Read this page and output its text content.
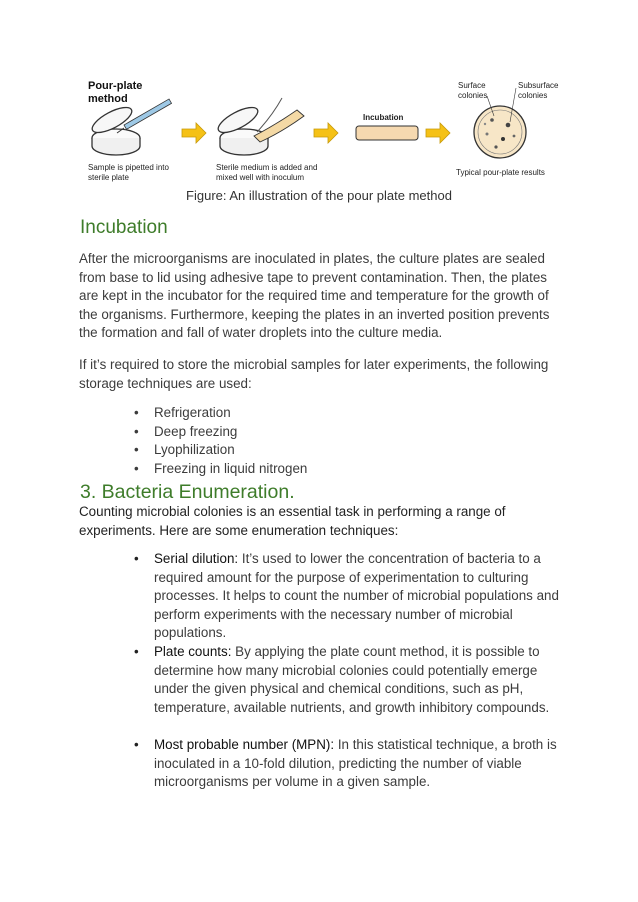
Pour-plate
method
Sample is pipetted into
sterile plate
Sterile medium is added and
mixed well with inoculum
Incubation
Surface
colonies
Subsurface
colonies
Typical pour-plate results
Figure: An illustration of the pour plate method
Incubation
After the microorganisms are inoculated in plates, the culture plates are sealed from base to lid using adhesive tape to prevent contamination. Then, the plates are kept in the incubator for the required time and temperature for the growth of the organisms. Furthermore, keeping the plates in an inverted position prevents the formation and fall of water droplets into the culture media.
If it’s required to store the microbial samples for later experiments, the following storage techniques are used:
• Refrigeration
• Deep freezing
• Lyophilization
• Freezing in liquid nitrogen
3. Bacteria Enumeration.
Counting microbial colonies is an essential task in performing a range of experiments. Here are some enumeration techniques:
•	Serial dilution: It’s used to lower the concentration of bacteria to a required amount for the purpose of experimentation to culturing processes. It helps to count the number of microbial populations and perform experiments with the necessary number of microbial populations.
•	Plate counts: By applying the plate count method, it is possible to determine how many microbial colonies could potentially emerge under the given physical and chemical conditions, such as pH, temperature, available nutrients, and growth inhibitory compounds.
•	Most probable number (MPN): In this statistical technique, a broth is inoculated in a 10-fold dilution, predicting the number of viable microorganisms per volume in a given sample.
